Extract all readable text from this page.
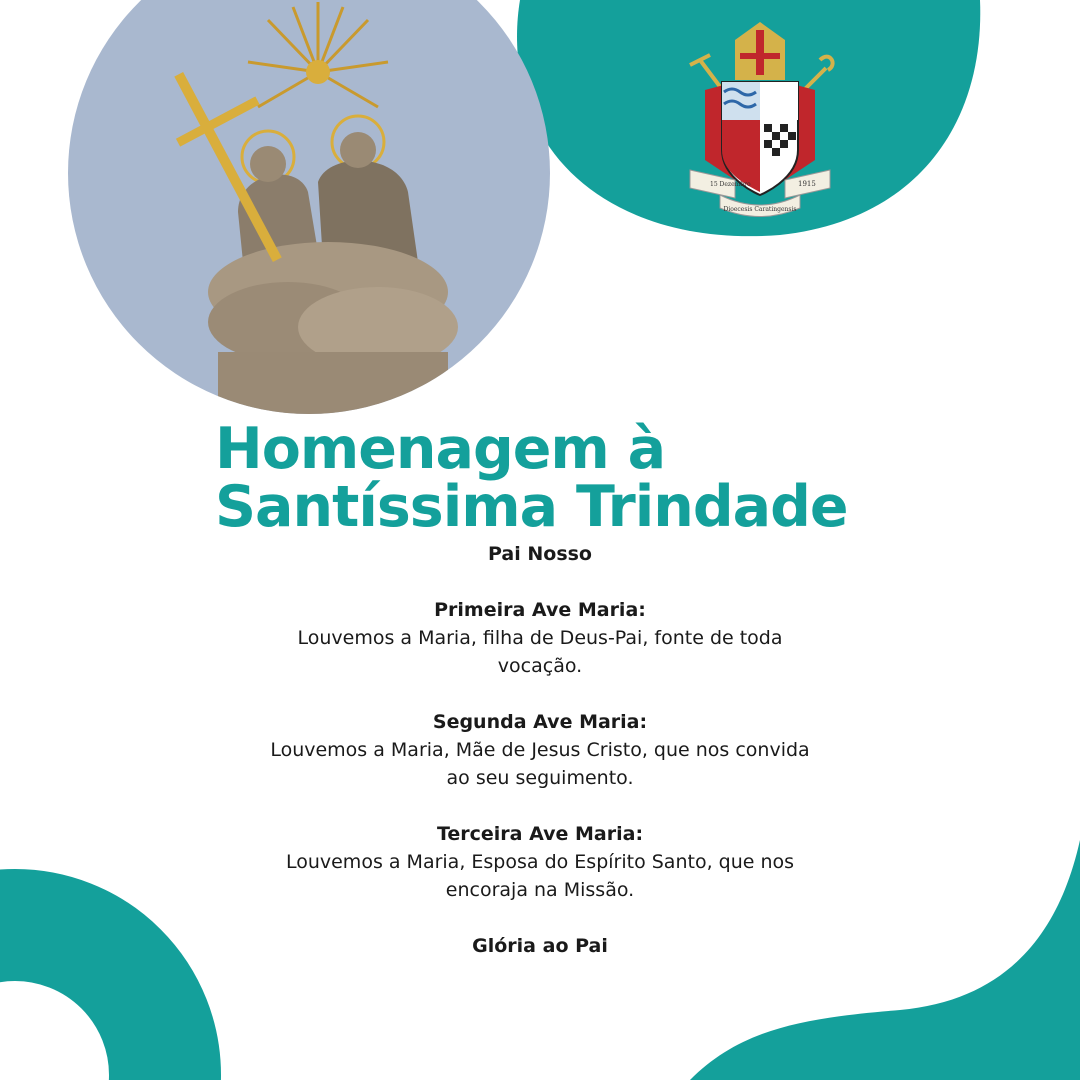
15 Dezembro	1915
Dioecesis Caratingensis
Homenagem à
Santíssima Trindade
Pai Nosso
Primeira Ave Maria:
Louvemos a Maria, filha de Deus-Pai, fonte de toda
vocação.
Segunda Ave Maria:
Louvemos a Maria, Mãe de Jesus Cristo, que nos convida
ao seu seguimento.
Terceira Ave Maria:
Louvemos a Maria, Esposa do Espírito Santo, que nos
encoraja na Missão.
Glória ao Pai
